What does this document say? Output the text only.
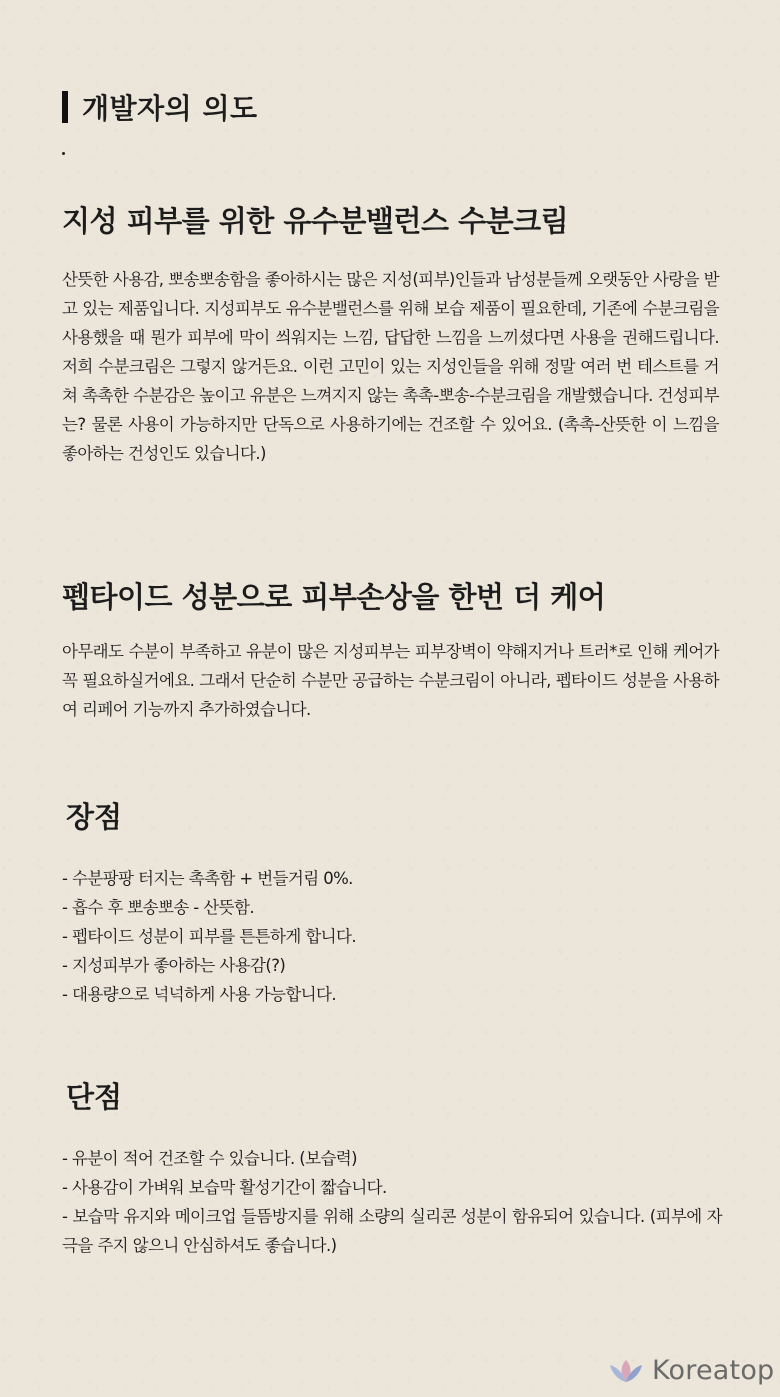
개발자의 의도
지성 피부를 위한 유수분밸런스 수분크림

산뜻한 사용감, 뽀송뽀송함을 좋아하시는 많은 지성(피부)인들과 남성분들께 오랫동안 사랑을 받고 있는 제품입니다. 지성피부도 유수분밸런스를 위해 보습 제품이 필요한데, 기존에 수분크림을 사용했을 때 뭔가 피부에 막이 씌워지는 느낌, 답답한 느낌을 느끼셨다면 사용을 권해드립니다. 저희 수분크림은 그렇지 않거든요. 이런 고민이 있는 지성인들을 위해 정말 여러 번 테스트를 거쳐 촉촉한 수분감은 높이고 유분은 느껴지지 않는 촉촉-뽀송-수분크림을 개발했습니다. 건성피부는? 물론 사용이 가능하지만 단독으로 사용하기에는 건조할 수 있어요. (촉촉-산뜻한 이 느낌을 좋아하는 건성인도 있습니다.)

펩타이드 성분으로 피부손상을 한번 더 케어

아무래도 수분이 부족하고 유분이 많은 지성피부는 피부장벽이 약해지거나 트러*로 인해 케어가 꼭 필요하실거에요. 그래서 단순히 수분만 공급하는 수분크림이 아니라, 펩타이드 성분을 사용하여 리페어 기능까지 추가하였습니다.

장점
- 수분팡팡 터지는 촉촉함 + 번들거림 0%.
- 흡수 후 뽀송뽀송 - 산뜻함.
- 펩타이드 성분이 피부를 튼튼하게 합니다.
- 지성피부가 좋아하는 사용감(?)
- 대용량으로 넉넉하게 사용 가능합니다.
단점
- 유분이 적어 건조할 수 있습니다. (보습력)
- 사용감이 가벼워 보습막 활성기간이 짧습니다.
- 보습막 유지와 메이크업 들뜸방지를 위해 소량의 실리콘 성분이 함유되어 있습니다. (피부에 자극을 주지 않으니 안심하셔도 좋습니다.)
Koreatop
